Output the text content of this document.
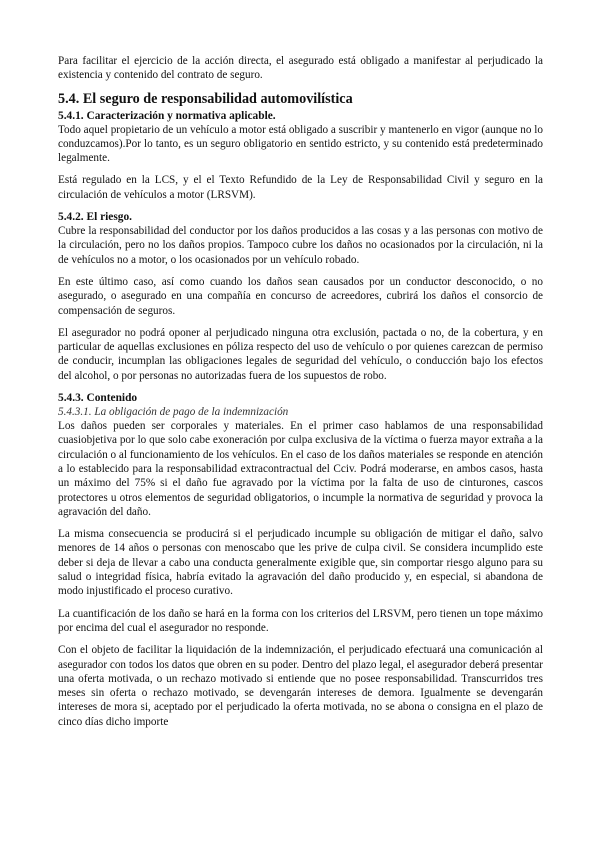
Para facilitar el ejercicio de la acción directa, el asegurado está obligado a manifestar al perjudicado la existencia y contenido del contrato de seguro.

5.4. El seguro de responsabilidad automovilística
5.4.1. Caracterización y normativa aplicable.

Todo aquel propietario de un vehículo a motor está obligado a suscribir y mantenerlo en vigor (aunque no lo conduzcamos).Por lo tanto, es un seguro obligatorio en sentido estricto, y su contenido está predeterminado legalmente.

Está regulado en la LCS, y el el Texto Refundido de la Ley de Responsabilidad Civil y seguro en la circulación de vehículos a motor (LRSVM).

5.4.2. El riesgo.

Cubre la responsabilidad del conductor por los daños producidos a las cosas y a las personas con motivo de la circulación, pero no los daños propios. Tampoco cubre los daños no ocasionados por la circulación, ni la de vehículos no a motor, o los ocasionados por un vehículo robado.

En este último caso, así como cuando los daños sean causados por un conductor desconocido, o no asegurado, o asegurado en una compañía en concurso de acreedores, cubrirá los daños el consorcio de compensación de seguros.

El asegurador no podrá oponer al perjudicado ninguna otra exclusión, pactada o no, de la cobertura, y en particular de aquellas exclusiones en póliza respecto del uso de vehículo o por quienes carezcan de permiso de conducir, incumplan las obligaciones legales de seguridad del vehículo, o conducción bajo los efectos del alcohol, o por personas no autorizadas fuera de los supuestos de robo.

5.4.3. Contenido
5.4.3.1. La obligación de pago de la indemnización

Los daños pueden ser corporales y materiales. En el primer caso hablamos de una responsabilidad cuasiobjetiva por lo que solo cabe exoneración por culpa exclusiva de la víctima o fuerza mayor extraña a la circulación o al funcionamiento de los vehículos. En el caso de los daños materiales se responde en atención a lo establecido para la responsabilidad extracontractual del Cciv. Podrá moderarse, en ambos casos, hasta un máximo del 75% si el daño fue agravado por la víctima por la falta de uso de cinturones, cascos protectores u otros elementos de seguridad obligatorios, o incumple la normativa de seguridad y provoca la agravación del daño.

La misma consecuencia se producirá si el perjudicado incumple su obligación de mitigar el daño, salvo menores de 14 años o personas con menoscabo que les prive de culpa civil. Se considera incumplido este deber si deja de llevar a cabo una conducta generalmente exigible que, sin comportar riesgo alguno para su salud o integridad física, habría evitado la agravación del daño producido y, en especial, si abandona de modo injustificado el proceso curativo.

La cuantificación de los daño se hará en la forma con los criterios del LRSVM, pero tienen un tope máximo por encima del cual el asegurador no responde.

Con el objeto de facilitar la liquidación de la indemnización, el perjudicado efectuará una comunicación al asegurador con todos los datos que obren en su poder. Dentro del plazo legal, el asegurador deberá presentar una oferta motivada, o un rechazo motivado si entiende que no posee responsabilidad. Transcurridos tres meses sin oferta o rechazo motivado, se devengarán intereses de demora. Igualmente se devengarán intereses de mora si, aceptado por el perjudicado la oferta motivada, no se abona o consigna en el plazo de cinco días dicho importe
